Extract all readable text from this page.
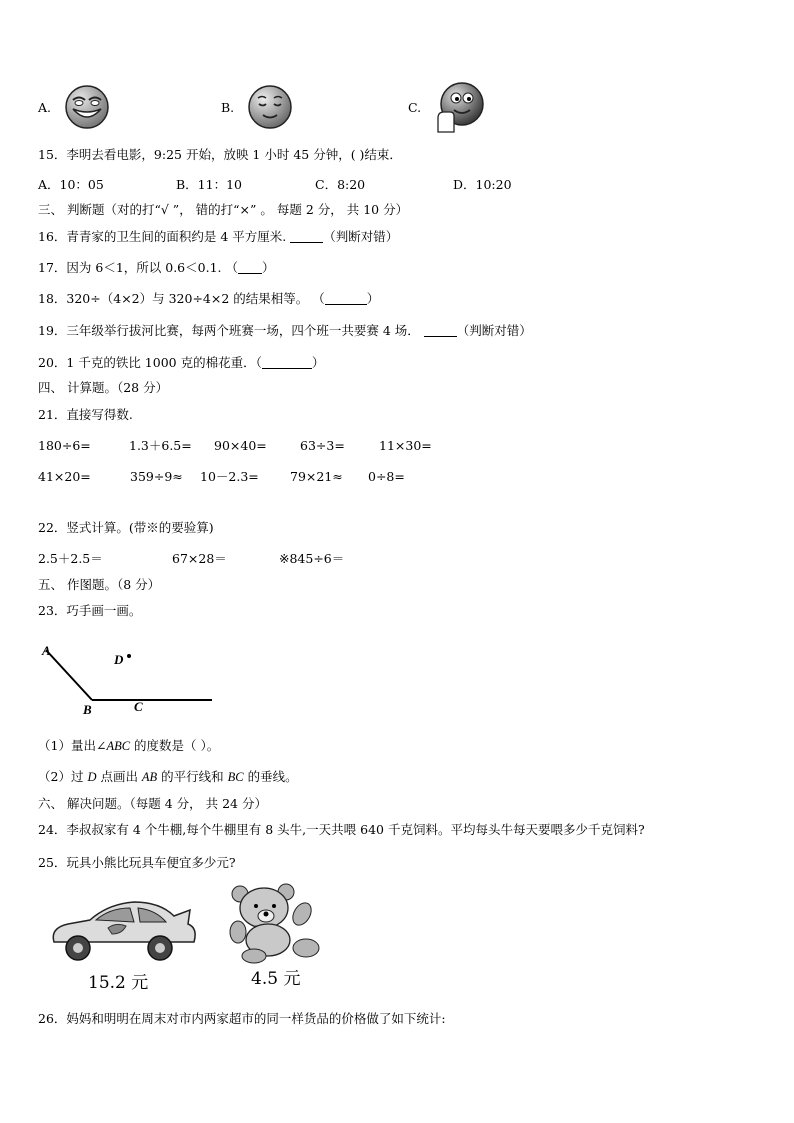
A.	B.	C.
15．李明去看电影，9:25 开始，放映 1 小时 45 分钟，( )结束．
A．10：05	B．11：10	C．8:20	D．10:20
三、 判断题（对的打“√ ”， 错的打“×” 。 每题 2 分， 共 10 分）
16．青青家的卫生间的面积约是 4 平方厘米.	（判断对错）
17．因为 6＜1，所以 0.6＜0.1. （ ）
18．320÷（4×2）与 320÷4×2 的结果相等。 （	）
19．三年级举行拔河比赛，每两个班赛一场，四个班一共要赛 4 场．	（判断对错）
20．1 千克的铁比 1000 克的棉花重．（	）
四、 计算题。（28 分）
21．直接写得数.
180÷6=	1.3＋6.5= 90×40=	63÷3=	11×30=
41×20=	359÷9≈ 10－2.3= 79×21≈ 0÷8=
22．竖式计算。(带※的要验算)
2.5＋2.5＝	67×28＝	※845÷6＝
五、 作图题。（8 分）
23．巧手画一画。
A
B	C
D
（1）量出∠ABC 的度数是（ ）。
（2）过 D 点画出 AB 的平行线和 BC 的垂线。
六、 解决问题。（每题 4 分， 共 24 分）
24．李叔叔家有 4 个牛棚,每个牛棚里有 8 头牛,一天共喂 640 千克饲料。平均每头牛每天要喂多少千克饲料?
25．玩具小熊比玩具车便宜多少元?
15.2 元	4.5 元
26．妈妈和明明在周末对市内两家超市的同一样货品的价格做了如下统计:
